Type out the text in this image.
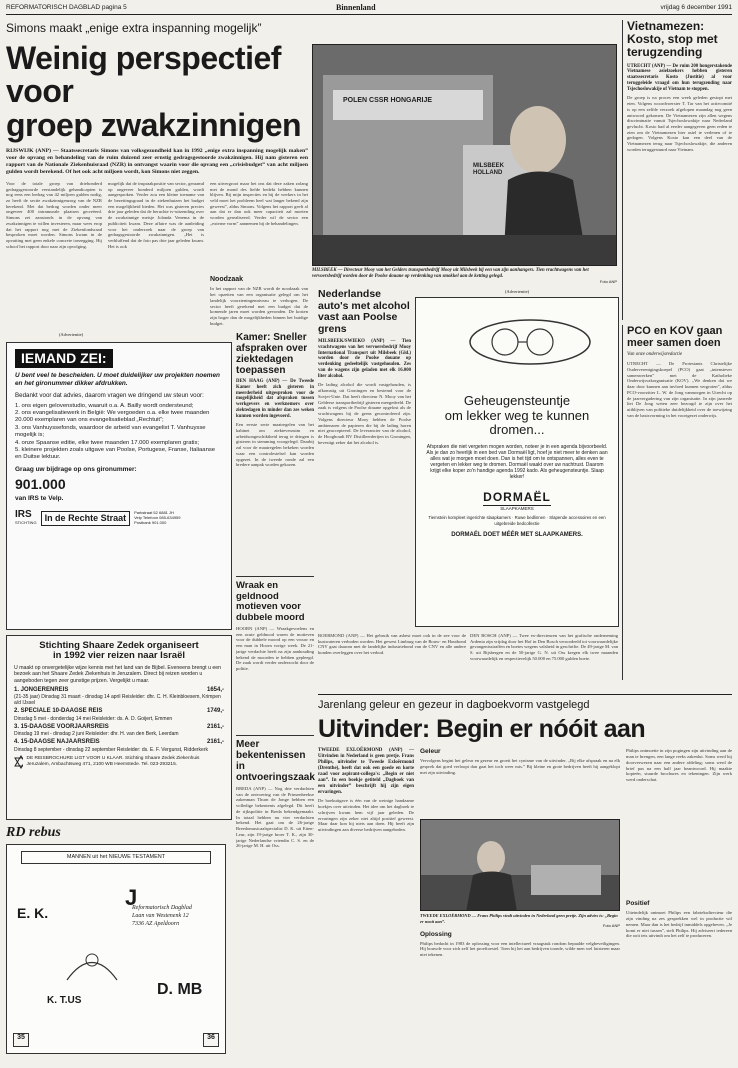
REFORMATORISCH DAGBLAD pagina 5	Binnenland	vrijdag 6 december 1991
Simons maakt „enige extra inspanning mogelijk”
Weinig perspectief voor
groep zwakzinnigen
RIJSWIJK (ANP) — Staatssecretaris Simons van volksgezondheid kan in 1992 „enige extra inspanning mogelijk maken” voor de opvang en behandeling van de ruim duizend zeer ernstig gedragsgestoorde zwakzinnigen. Hij nam gisteren een rapport van de Nationale Ziekenhuisraad (NZR) in ontvangst waarin voor die opvang een „crisisbudget” van acht miljoen gulden wordt berekend. Of het ook acht miljoen wordt, kon Simons niet zeggen.
Voor de totale groep van driehonderd gedragsgestoorde verstandelijk gehandicapten is nog eens een bedrag van 42 miljoen gulden nodig, zo heeft de sectie zwakzinnigenzorg van de NZR berekend. Met dat bedrag worden onder meer ongeveer 400 intramurale plaatsen gecreëerd. Simons zei aanstonds in de opvang van zwakzinnigen te willen investeren, maar wees erop dat het rapport nog met de Ziekenfondsraad besproken moet worden. Simons kwam in de opvatting met geen enkele concrete toezegging. Hij schoof het rapport door naar zijn opvolging.
mogelijk dat de inspraakpositie van sector, geraamd op ongeveer honderd miljoen gulden, wordt aangesproken. Verder zou een kleine toename van de bezettingsgraad in de ziekenhuizen het budget een mogelijkheid bieden. Het was gisteren precies drie jaar geleden dat de beruchte tv-uitzending over de zwakzinnige meisje Jolanda Venema in de publiciteit kwam. Deze affaire was de aanleiding voor het onderzoek naar de groep van gedragsgestoorde zwakzinnigen. „Het is verbluffend dat de foto pas drie jaar geleden kwam. Het is ook
een uitvergroot maar het ons dat deze zaken zolang met de mond des liefde bedekt hebben kunnen blijven. Bij mijn inspecties en bij de werkers in het veld moet het probleem heel wat langer bekend zijn geweest”, aldus Simons. Volgens het rapport geeft al aan dat er dan ook meer capaciteit zal moeten worden gerealiseerd. Verder wil de sector een „externe vorm” aannemen bij de behandelingen.
Noodzaak
In het rapport van de NZR wordt de noodzaak van het opzetten van een organisatie gelegd om het landelijk voorzieningenniveau te verhogen. De sector heeft gerekend met een budget dat de komende jaren moet worden gevonden. De kosten zijn hoger dan de mogelijkheden binnen het huidige budget.
POLEN CSSR HONGARIJE
MILSBEEK HOLLAND
MILSBEEK — Directeur Mooy van het Gelders transportbedrijf Mooy uit Milsbeek bij een van zijn aanhangers. Tien vrachtwagens van het vervoersbedrijf worden door de Poolse douane op verdenking van smokkel aan de ketting gelegd.
Foto ANP
Vietnamezen: Kosto, stop met terugzending
UTRECHT (ANP) — De ruim 200 hongerstakende Vietnamese asielzoekers hebben gisteren staatssecretaris Kosto (Justitie) al voor teruggeleide vraagd om hun terugzending naar Tsjechoslowakije of Vietnam te stoppen.
De groep is na proces een week geleden gestopt met eten. Volgens woordvoerster T. Tar van het actiecomité is op een zelfde verzoek afgelopen maandag nog geen antwoord gekomen. De Vietnamezen zijn allen wegens discriminatie vanuit Tsjechoslowakije naar Nederland gevlucht. Kosto had al eerder aangegeven geen reden te zien om de Vietnamezen hier asiel te verlenen of te gedogen. Volgens Kosto kan een deel van de Vietnamezen terug naar Tsjechoslowakije, die anderen worden teruggestuurd naar Vietnam.
PCO en KOV gaan meer samen doen
Van onze onderwijsredactie
UTRECHT — De Protestants Christelijke Ouderverenigingskoepel (PCO) gaat „intensiever samenwerken” met de Katholieke Onderwijsvakorganisatie (KOV). „We denken dat we daar door kunnen aan invloed kunnen vergroten”, aldus PCO-voorzitter L. W. de Jong vanmorgen in Utrecht op de jaarvergadering van zijn organisatie. In zijn jaarrede liet De Jong weten zeer bezorgd te zijn over het uitblijven van politieke duidelijkheid over de toewijzing van de basisvorming in het voortgezet onderwijs.
(Advertentie)
IEMAND ZEI:
U bent veel te bescheiden. U moet duidelijker uw projekten noemen en het gironummer dikker afdrukken.
Bedankt voor dat advies, daarom vragen we dringend uw steun voor:
1. ons eigen gelovenstudio, waaruit o.a. A. Bailly wordt ondersteund;
2. ons evangelisatiewerk in België: We vergoeden o.a. elke twee maanden 20.000 exemplaren van ons evangelisatieblad „Rechtuit”;
3. ons Vanhuyssefonds, waardoor de arbeid van evangelist T. Vanhuysse mogelijk is;
4. onze Spaanse editie, elke twee maanden 17.000 exemplaren gratis;
5. kleinere projekten zoals uitgave van Poolse, Portugese, Franse, Italiaanse en Duitse lektuur.
Graag uw bijdrage op ons gironummer:
901.000
van IRS te Velp.
IRS
STICHTING In de Rechte Straat
Parkstraat 52 6881 JH Velp Telefoon 085-634959 Postbank 901.000
Kamer: Sneller afspraken over ziektedagen toepassen
DEN HAAG (ANP) — De Tweede Kamer heeft zich gisteren in meerderheid uitgesproken voor de mogelijkheid dat afspraken tussen werkgevers en werknemers over ziektedagen in minder dan zes weken kunnen worden ingevoerd.
Een eerste serie maatregelen van het kabinet om ziekteverzuim en arbeidsongeschiktheid terug te dringen is gisteren in stemming voorgelegd. Daarbij zal voor de maatregelen bekeken worden waar een controlestelsel kan worden opgezet. In de tweede ronde zal een bredere aanpak worden gekozen.
Wraak en geldnood motieven voor dubbele moord
HOORN (ANP) — Wraakgevoelens en een acute geldnood waren de motieven voor de dubbele moord op een vrouw en een man in Hoorn vorige week. De 21-jarige verdachte heeft na zijn aanhouding bekend de moorden te hebben gepleegd. De zaak wordt verder onderzocht door de politie.
Nederlandse auto's met alcohol vast aan Poolse grens
MILSBEEK/SWIEKO (ANP) — Tien vrachtwagens van het vervoersbedrijf Mooy International Transport uit Milsbeek (Gld.) worden door de Poolse douane op verdenking gedeeltelijk vastgehouden. Zes van de wagens zijn geladen met elk 16.000 liter alcohol.
De lading alcohol die wordt vastgehouden, is afkomstig uit Groningen en bestemd voor de Sovjet-Unie. Dat heeft directeur N. Mooy van het Gelderse transportbedrijf gisteren meegedeeld. De zaak is volgens de Poolse douane opgelost als de vrachtwagens bij de grens gecontroleerd zijn. Volgens directeur Mooy hebben de Poolse ambtenaren de papieren die bij de lading horen niet geaccepteerd. De leverancier van de alcohol, de Hooghoudt BV Distilleerderijen in Groningen, bevestigt zeker dat het alcohol is.
(Advertentie)
Geheugensteuntje
om lekker weg te kunnen
dromen...
Afspraken die niet vergeten mogen worden, noteer je in een agenda bijvoorbeeld. Als je dan zo heerlijk in een bed van Dormaël ligt, hoef je niet meer te denken aan alles wat je morgen moet doen. Dan is het tijd om te ontspannen, alles even te vergeten en lekker weg te dromen. Dormaël waakt over uw nachtrust. Daarom krijgt elke koper zo'n handige agenda 1992 kado. Als geheugensteuntje. Slaap lekker!
DORMAËL
SLAAPKAMERS
Tiemstein kompleet ingerichte slaapkamers · Ruwe bedlinnen · Slapende accessoires en een uitgebreide bedcollectie
DORMAËL DOET MÉÉR MET SLAAPKAMERS.
BOERMOND (ANP) — Het gebruik van asbest moet ook in de zee voor de kustwateren verboden worden. Het gewest Limburg van de Bouw- en Houtbond CNV gaat daarom met de landelijke industriebond van de CNV en alle andere bonden overleggen over het verbod.
DEN BOSCH (ANP) — Twee ex-directeuren van het grafische onderneming Ardenta zijn vrijdag door het Hof in Den Bosch veroordeeld tot voorwaardelijke gevangenisstraffen en boetes wegens valsheid in geschrifte. De 49-jarige M. van S. uit Rijsbergen en de 50-jarige G. N. uit Oss kregen elk twee maanden voorwaardelijk en respectievelijk 50.000 en 75.000 gulden boete.
Stichting Shaare Zedek organiseert
in 1992 vier reizen naar Israël
U maakt op onvergetelijke wijze kennis met het land van de Bijbel. Eveneens brengt u een bezoek aan het Shaare Zedek Ziekenhuis in Jeruzalem. Direct bij reizen worden u aangeboden tegen zeer gunstige prijzen. Vergelijkt u maar.
1. JONGERENREIS	1654,-
(21-35 jaar) Dinsdag 31 maart - dinsdag 14 april Reisleider: dhr. C. H. Kleinbloesem, Krimpen a/d IJssel
2. SPECIALE 10-DAAGSE REIS	1749,-
Dinsdag 5 mei - donderdag 14 mei Reisleider: ds. A. D. Goijert, Emmen
3. 15-DAAGSE VOORJAARSREIS	2161,-
Dinsdag 19 mei - dinsdag 2 juni Reisleider: dhr. H. van den Berk, Leerdam
4. 15-DAAGSE NAJAARSREIS	2161,-
Dinsdag 8 september - dinsdag 22 september Reisleider: ds. E. F. Vergunst, Ridderkerk
DE REISBROCHURE LIGT VOOR U KLAAR. Stichting Shaare Zedek Ziekenhuis Jeruzalem, Ambachtsweg 471, 2100 WB Heemstede. Tel. 023-293215.
RD rebus
MANNEN uit het NIEUWE TESTAMENT
E. K.
J
Reformatorisch Dagblad
Laan van Westenenk 12
7336 AZ Apeldoorn
D. MB
K. T.US
35	36
Meer bekentenissen in ontvoeringszaak
BREDA (ANP) — Nog drie verdachten van de ontvoering van de Prinsenbeekse zakenman Thurn de Jonge hebben een volledige bekentenis afgelegd. Dit heeft de rijkspolitie in Breda bekendgemaakt. In totaal hebben nu vier verdachten bekend. Het gaat om de 26-jarige Breedomusicaalspecialist D. K. uit Etten-Leur, zijn 19-jarige broer T. K., zijn 30-jarige Nederlandse vriendin C. S. en de 26-jarige M. H. uit Oss.
Jarenlang geleur en gezeur in dagboekvorm vastgelegd
Uitvinder: Begin er nóóit aan
TWEEDE EXLOËRMOND (ANP) — Uitvinden in Nederland is geen pretje. Frans Philips, uitvinder te Tweede Exloërmond (Drenthe), heeft dat ook een goede en korte raad voor aspirant-collega's: „Begin er niet aan”. In een boekje getiteld „Dagboek van een uitvinder” beschrijft hij zijn eigen ervaringen.
De boekuitgave is één van de weinige handzame boekjes over uitvinden. Het idee om het dagboek te schrijven kwam hem vijf jaar geleden. De ervaringen zijn zeker niet altijd positief geweest. Maar daar kon hij niets aan doen. Hij heeft zijn uitvindingen aan diverse bedrijven aangeboden.
Geleur
Vervolgens begint het geleur en gezeur en groeit het cynisme van de uitvinder. „Bij elke afspraak en na elk gesprek dat goed verloopt dan gaat het toch weer mis.” Bij kleine en grote bedrijven heeft hij aangeklopt met zijn uitvinding.
TWEEDE EXLOËRMOND — Frans Philips vindt uitvinden in Nederland geen pretje. Zijn advies is: „Begin er nooit aan”.
Foto ANP
Oplossing
Philips bedacht in 1983 de oplossing voor een intellectueel vraagstuk rondom bepaalde velgbeveiligingen. Hij bouwde voor zich zelf het proeftoestel. Toen hij het aan bedrijven toonde, wilde men wel luisteren maar niet tekenen.
Philips ontmoette in zijn pogingen zijn uitvinding aan de man te brengen, een lange reeks zakenlui. Soms werd hij doorverwezen naar een andere afdeling; soms werd de brief pas na een half jaar beantwoord. Hij maakte kopieën, stuurde brochures en tekeningen. Zijn werk werd onderschat.
Positief
Uiteindelijk ontmoet Philips een fabrieksdirecteur die zijn vinding na zes gesprekken wel in productie wil nemen. Maar dan is het bedrijf inmiddels opgeheven. „Je komt er niet tussen”, stelt Philips. Hij adviseert iedereen die ooit iets uitvindt om het zelf te produceren.
